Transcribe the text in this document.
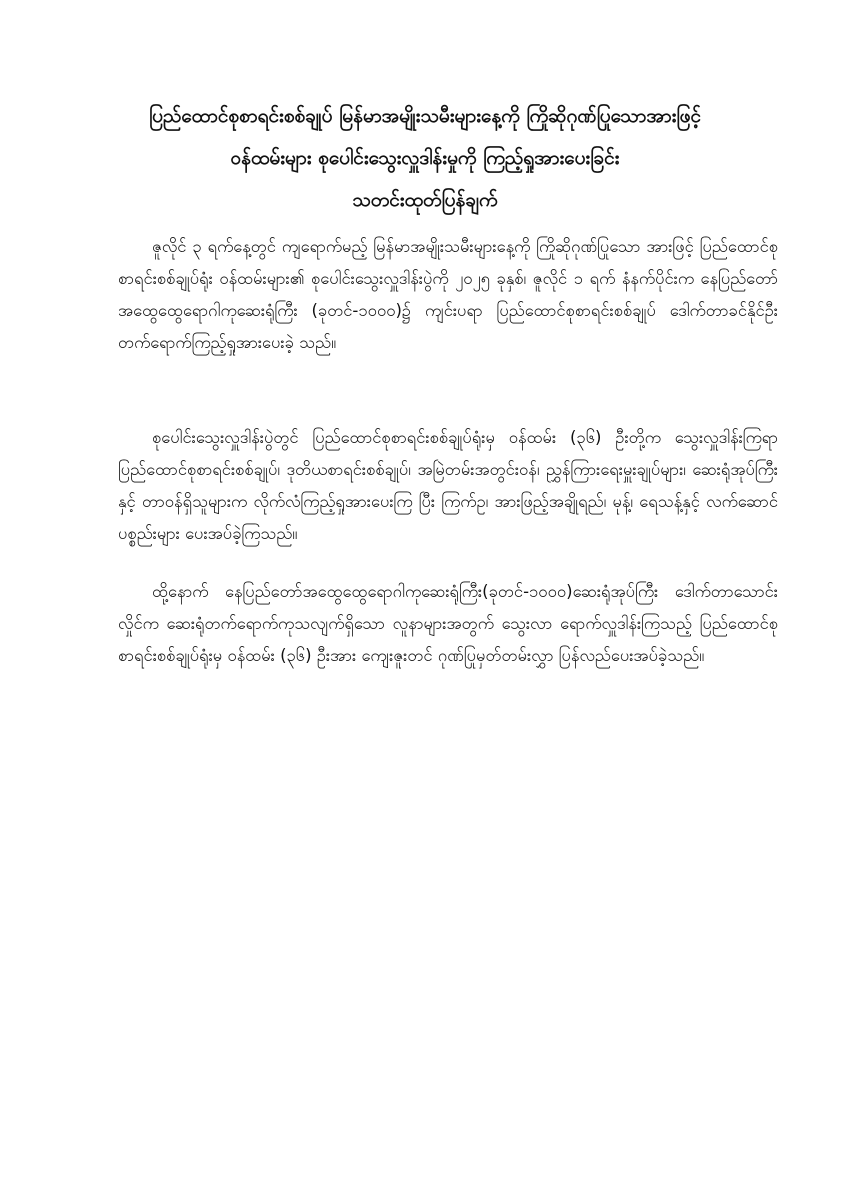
ပြည်ထောင်စုစာရင်းစစ်ချုပ် မြန်မာအမျိုးသမီးများနေ့ကို ကြိုဆိုဂုဏ်ပြုသောအားဖြင့်

ဝန်ထမ်းများ စုပေါင်းသွေးလှူဒါန်းမှုကို ကြည့်ရှုအားပေးခြင်း

သတင်းထုတ်ပြန်ချက်

ဇူလိုင် ၃ ရက်နေ့တွင် ကျရောက်မည့် မြန်မာအမျိုးသမီးများနေ့ကို ကြိုဆိုဂုဏ်ပြုသော အားဖြင့် ပြည်ထောင်စုစာရင်းစစ်ချုပ်ရုံး ဝန်ထမ်းများ၏ စုပေါင်းသွေးလှူဒါန်းပွဲကို ၂၀၂၅ ခုနှစ်၊ ဇူလိုင် ၁ ရက် နံနက်ပိုင်းက နေပြည်တော်အထွေထွေရောဂါကုဆေးရုံကြီး (ခုတင်-၁၀၀၀)၌ ကျင်းပရာ ပြည်ထောင်စုစာရင်းစစ်ချုပ် ဒေါက်တာခင်နိုင်ဦး တက်ရောက်ကြည့်ရှုအားပေးခဲ့ သည်။

စုပေါင်းသွေးလှူဒါန်းပွဲတွင် ပြည်ထောင်စုစာရင်းစစ်ချုပ်ရုံးမှ ဝန်ထမ်း (၃၆) ဦးတို့က သွေးလှူဒါန်းကြရာ ပြည်ထောင်စုစာရင်းစစ်ချုပ်၊ ဒုတိယစာရင်းစစ်ချုပ်၊ အမြဲတမ်းအတွင်းဝန်၊ ညွှန်ကြားရေးမှူးချုပ်များ၊ ဆေးရုံအုပ်ကြီးနှင့် တာဝန်ရှိသူများက လိုက်လံကြည့်ရှုအားပေးကြ ပြီး ကြက်ဥ၊ အားဖြည့်အချိုရည်၊ မုန့်၊ ရေသန့်နှင့် လက်ဆောင်ပစ္စည်းများ ပေးအပ်ခဲ့ကြသည်။

ထို့နောက် နေပြည်တော်အထွေထွေရောဂါကုဆေးရုံကြီး(ခုတင်-၁၀၀၀)ဆေးရုံအုပ်ကြီး ဒေါက်တာသောင်းလှိုင်က ဆေးရုံတက်ရောက်ကုသလျက်ရှိသော လူနာများအတွက် သွေးလာ ရောက်လှူဒါန်းကြသည့် ပြည်ထောင်စုစာရင်းစစ်ချုပ်ရုံးမှ ဝန်ထမ်း (၃၆) ဦးအား ကျေးဇူးတင် ဂုဏ်ပြုမှတ်တမ်းလွှာ ပြန်လည်ပေးအပ်ခဲ့သည်။
